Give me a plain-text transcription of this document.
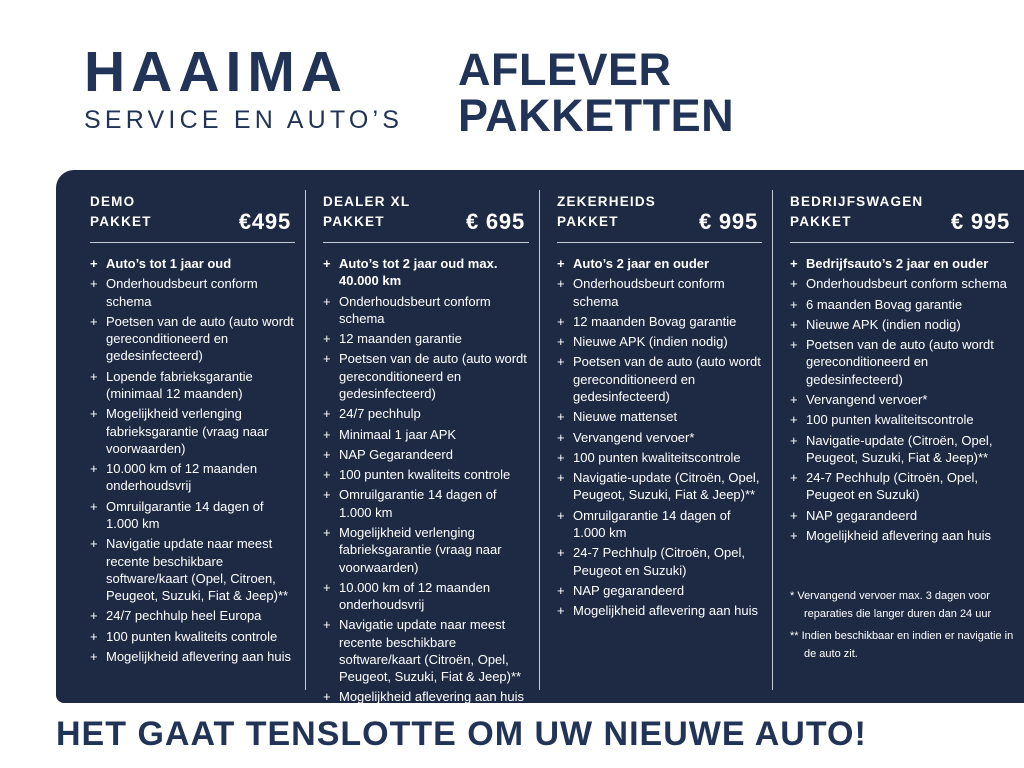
HAAIMA
SERVICE EN AUTO’S
AFLEVER
PAKKETTEN
DEMO
PAKKET	€495
+ Auto’s tot 1 jaar oud
+ Onderhoudsbeurt conform schema
+ Poetsen van de auto (auto wordt gereconditioneerd en gedesinfecteerd)
+ Lopende fabrieksgarantie (minimaal 12 maanden)
+ Mogelijkheid verlenging fabrieksgarantie (vraag naar voorwaarden)
+ 10.000 km of 12 maanden onderhoudsvrij
+ Omruilgarantie 14 dagen of 1.000 km
+ Navigatie update naar meest recente beschikbare software/kaart (Opel, Citroen, Peugeot, Suzuki, Fiat & Jeep)**
+ 24/7 pechhulp heel Europa
+ 100 punten kwaliteits controle
+ Mogelijkheid aflevering aan huis
DEALER XL
PAKKET	€ 695
+ Auto’s tot 2 jaar oud max. 40.000 km
+ Onderhoudsbeurt conform schema
+ 12 maanden garantie
+ Poetsen van de auto (auto wordt gereconditioneerd en gedesinfecteerd)
+ 24/7 pechhulp
+ Minimaal 1 jaar APK
+ NAP Gegarandeerd
+ 100 punten kwaliteits controle
+ Omruilgarantie 14 dagen of 1.000 km
+ Mogelijkheid verlenging fabrieksgarantie (vraag naar voorwaarden)
+ 10.000 km of 12 maanden onderhoudsvrij
+ Navigatie update naar meest recente beschikbare software/kaart (Citroën, Opel, Peugeot, Suzuki, Fiat & Jeep)**
+ Mogelijkheid aflevering aan huis
ZEKERHEIDS
PAKKET	€ 995
+ Auto’s 2 jaar en ouder
+ Onderhoudsbeurt conform schema
+ 12 maanden Bovag garantie
+ Nieuwe APK (indien nodig)
+ Poetsen van de auto (auto wordt gereconditioneerd en gedesinfecteerd)
+ Nieuwe mattenset
+ Vervangend vervoer*
+ 100 punten kwaliteitscontrole
+ Navigatie-update (Citroën, Opel, Peugeot, Suzuki, Fiat & Jeep)**
+ Omruilgarantie 14 dagen of 1.000 km
+ 24-7 Pechhulp (Citroën, Opel, Peugeot en Suzuki)
+ NAP gegarandeerd
+ Mogelijkheid aflevering aan huis
BEDRIJFSWAGEN
PAKKET	€ 995
+ Bedrijfsauto’s 2 jaar en ouder
+ Onderhoudsbeurt conform schema
+ 6 maanden Bovag garantie
+ Nieuwe APK (indien nodig)
+ Poetsen van de auto (auto wordt gereconditioneerd en gedesinfecteerd)
+ Vervangend vervoer*
+ 100 punten kwaliteitscontrole
+ Navigatie-update (Citroën, Opel, Peugeot, Suzuki, Fiat & Jeep)**
+ 24-7 Pechhulp (Citroën, Opel, Peugeot en Suzuki)
+ NAP gegarandeerd
+ Mogelijkheid aflevering aan huis

* Vervangend vervoer max. 3 dagen voor reparaties die langer duren dan 24 uur

** Indien beschikbaar en indien er navigatie in de auto zit.

HET GAAT TENSLOTTE OM UW NIEUWE AUTO!
